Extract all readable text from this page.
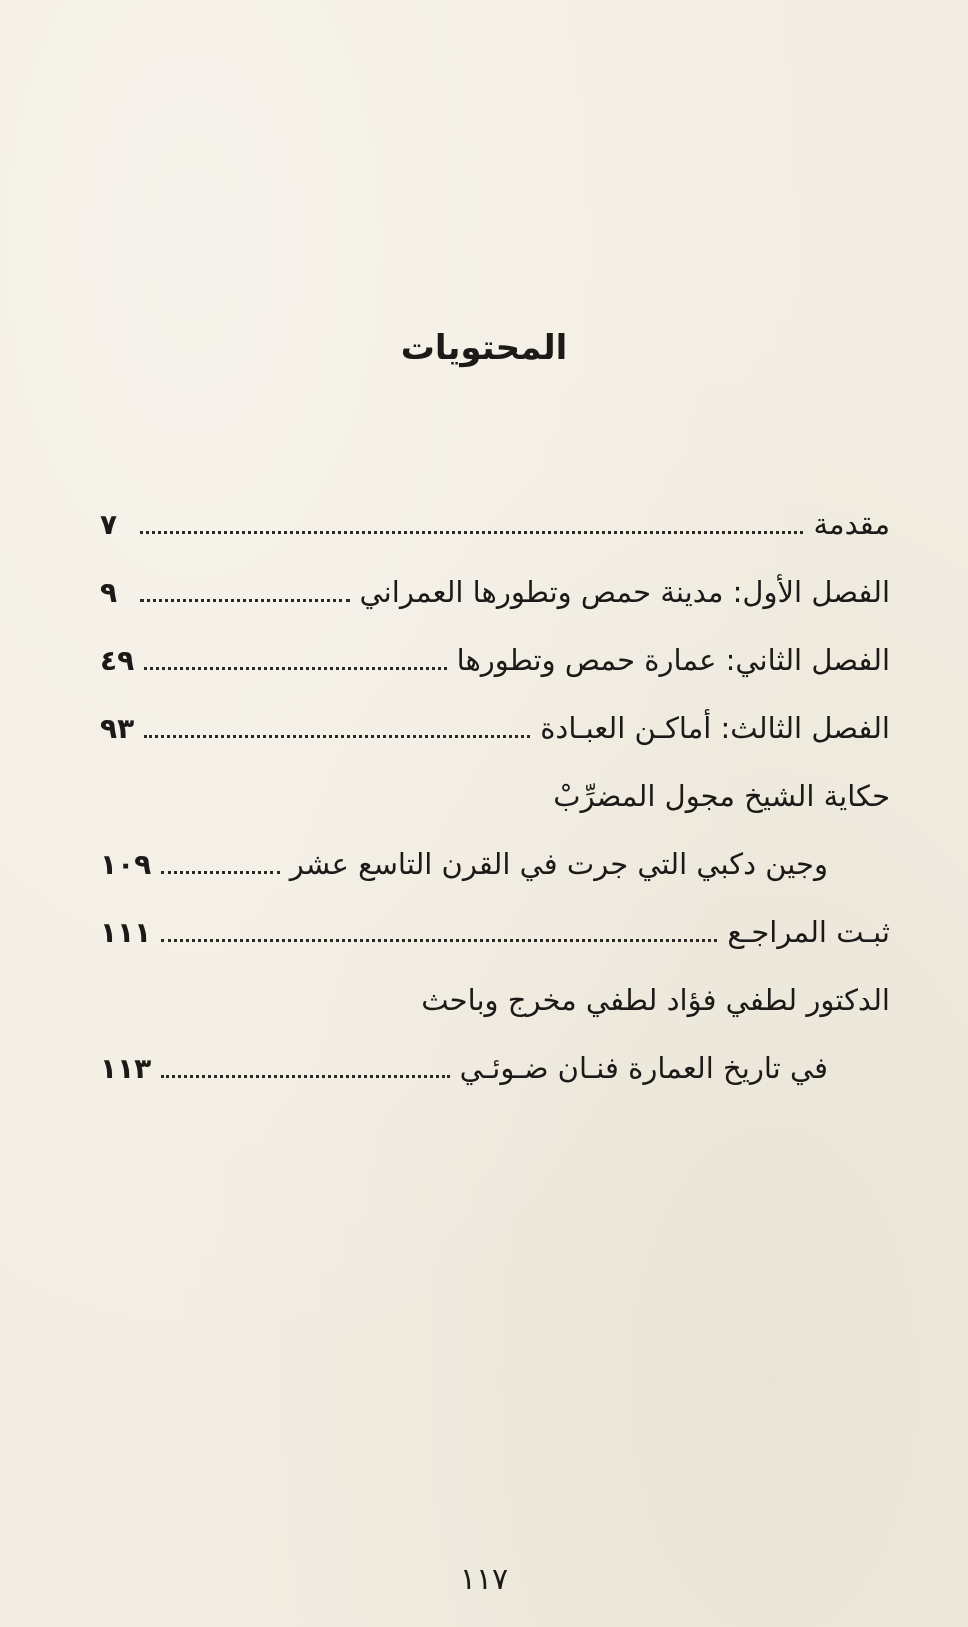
المحتويات
مقدمة
٧
الفصل الأول: مدينة حمص وتطورها العمراني
٩
الفصل الثاني: عمارة حمص وتطورها
٤٩
الفصل الثالث: أماكـن العبـادة
٩٣
حكاية الشيخ مجول المضرِّبْ
وجين دكبي التي جرت في القرن التاسع عشر
١٠٩
ثبـت المراجـع
١١١
الدكتور لطفي فؤاد لطفي مخرج وباحث
في تاريخ العمارة فنـان ضـوئـي
١١٣
١١٧
